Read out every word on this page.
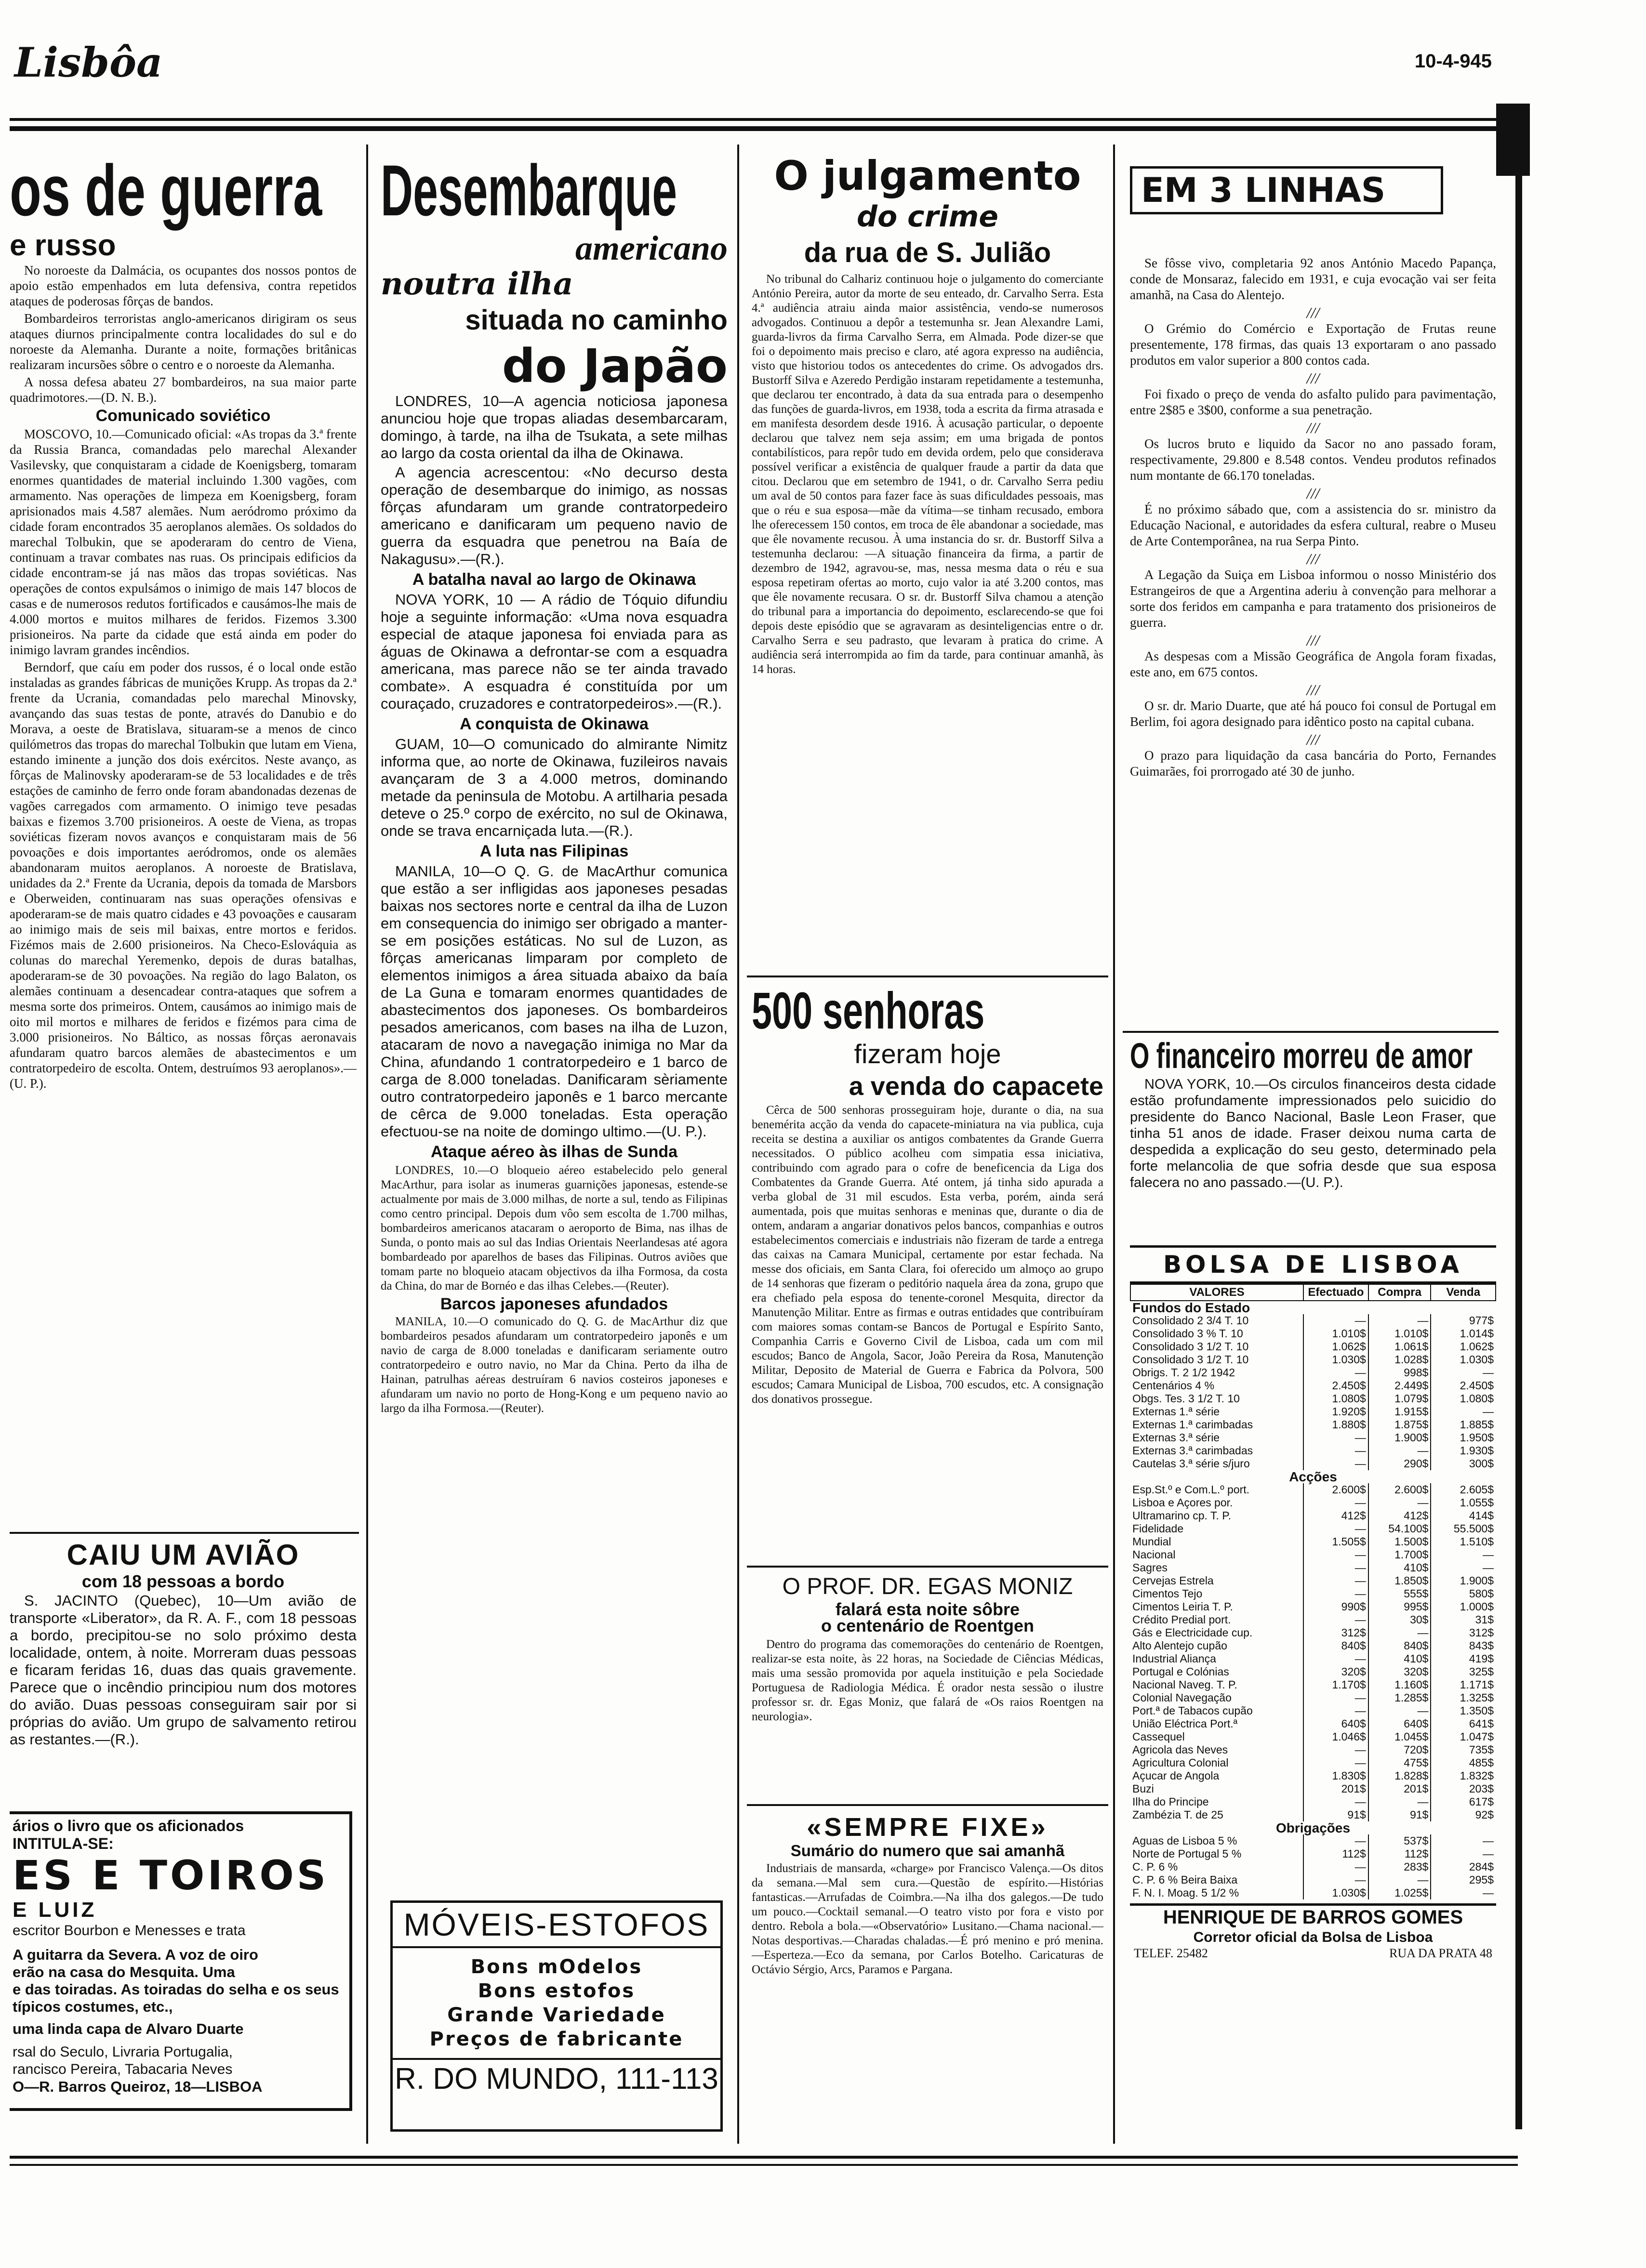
Lisbôa	10-4-945
os de guerra
e russo

No noroeste da Dalmácia, os ocupantes dos nossos pontos de apoio estão empenhados em luta defensiva, contra repetidos ataques de poderosas fôrças de bandos.

Bombardeiros terroristas anglo-americanos dirigiram os seus ataques diurnos principalmente contra localidades do sul e do noroeste da Alemanha. Durante a noite, formações britânicas realizaram incursões sôbre o centro e o noroeste da Alemanha.

A nossa defesa abateu 27 bombardeiros, na sua maior parte quadrimotores.—(D. N. B.).

Comunicado soviético

MOSCOVO, 10.—Comunicado oficial: «As tropas da 3.ª frente da Russia Branca, comandadas pelo marechal Alexander Vasilevsky, que conquistaram a cidade de Koenigsberg, tomaram enormes quantidades de material incluindo 1.300 vagões, com armamento. Nas operações de limpeza em Koenigsberg, foram aprisionados mais 4.587 alemães. Num aeródromo próximo da cidade foram encontrados 35 aeroplanos alemães. Os soldados do marechal Tolbukin, que se apoderaram do centro de Viena, continuam a travar combates nas ruas. Os principais edificios da cidade encontram-se já nas mãos das tropas soviéticas. Nas operações de contos expulsámos o inimigo de mais 147 blocos de casas e de numerosos redutos fortificados e causámos-lhe mais de 4.000 mortos e muitos milhares de feridos. Fizemos 3.300 prisioneiros. Na parte da cidade que está ainda em poder do inimigo lavram grandes incêndios.

Berndorf, que caíu em poder dos russos, é o local onde estão instaladas as grandes fábricas de munições Krupp. As tropas da 2.ª frente da Ucrania, comandadas pelo marechal Minovsky, avançando das suas testas de ponte, através do Danubio e do Morava, a oeste de Bratislava, situaram-se a menos de cinco quilómetros das tropas do marechal Tolbukin que lutam em Viena, estando iminente a junção dos dois exércitos. Neste avanço, as fôrças de Malinovsky apoderaram-se de 53 localidades e de três estações de caminho de ferro onde foram abandonadas dezenas de vagões carregados com armamento. O inimigo teve pesadas baixas e fizemos 3.700 prisioneiros. A oeste de Viena, as tropas soviéticas fizeram novos avanços e conquistaram mais de 56 povoações e dois importantes aeródromos, onde os alemães abandonaram muitos aeroplanos. A noroeste de Bratislava, unidades da 2.ª Frente da Ucrania, depois da tomada de Marsbors e Oberweiden, continuaram nas suas operações ofensivas e apoderaram-se de mais quatro cidades e 43 povoações e causaram ao inimigo mais de seis mil baixas, entre mortos e feridos. Fizémos mais de 2.600 prisioneiros. Na Checo-Eslováquia as colunas do marechal Yeremenko, depois de duras batalhas, apoderaram-se de 30 povoações. Na região do lago Balaton, os alemães continuam a desencadear contra-ataques que sofrem a mesma sorte dos primeiros. Ontem, causámos ao inimigo mais de oito mil mortos e milhares de feridos e fizémos para cima de 3.000 prisioneiros. No Báltico, as nossas fôrças aeronavais afundaram quatro barcos alemães de abastecimentos e um contratorpedeiro de escolta. Ontem, destruímos 93 aeroplanos».—(U. P.).

CAIU UM AVIÃO
com 18 pessoas a bordo

S. JACINTO (Quebec), 10—Um avião de transporte «Liberator», da R. A. F., com 18 pessoas a bordo, precipitou-se no solo próximo desta localidade, ontem, à noite. Morreram duas pessoas e ficaram feridas 16, duas das quais gravemente. Parece que o incêndio principiou num dos motores do avião. Duas pessoas conseguiram sair por si próprias do avião. Um grupo de salvamento retirou as restantes.—(R.).

ários o livro que os aficionados
INTITULA-SE:
ES E TOIROS
E LUIZ
escritor Bourbon e Menesses e trata
A guitarra da Severa. A voz de oiro
erão na casa do Mesquita. Uma
e das toiradas. As toiradas do selha e os seus típicos costumes, etc.,
uma linda capa de Alvaro Duarte
rsal do Seculo, Livraria Portugalia,
rancisco Pereira, Tabacaria Neves
O—R. Barros Queiroz, 18—LISBOA
Desembarque
americano
noutra ilha
situada no caminho
do Japão

LONDRES, 10—A agencia noticiosa japonesa anunciou hoje que tropas aliadas desembarcaram, domingo, à tarde, na ilha de Tsukata, a sete milhas ao largo da costa oriental da ilha de Okinawa.

A agencia acrescentou: «No decurso desta operação de desembarque do inimigo, as nossas fôrças afundaram um grande contratorpedeiro americano e danificaram um pequeno navio de guerra da esquadra que penetrou na Baía de Nakagusu».—(R.).

A batalha naval ao largo de Okinawa

NOVA YORK, 10 — A rádio de Tóquio difundiu hoje a seguinte informação: «Uma nova esquadra especial de ataque japonesa foi enviada para as águas de Okinawa a defrontar-se com a esquadra americana, mas parece não se ter ainda travado combate». A esquadra é constituída por um couraçado, cruzadores e contratorpedeiros».—(R.).

A conquista de Okinawa

GUAM, 10—O comunicado do almirante Nimitz informa que, ao norte de Okinawa, fuzileiros navais avançaram de 3 a 4.000 metros, dominando metade da peninsula de Motobu. A artilharia pesada deteve o 25.º corpo de exército, no sul de Okinawa, onde se trava encarniçada luta.—(R.).

A luta nas Filipinas

MANILA, 10—O Q. G. de MacArthur comunica que estão a ser infligidas aos japoneses pesadas baixas nos sectores norte e central da ilha de Luzon em consequencia do inimigo ser obrigado a manter-se em posições estáticas. No sul de Luzon, as fôrças americanas limparam por completo de elementos inimigos a área situada abaixo da baía de La Guna e tomaram enormes quantidades de abastecimentos dos japoneses. Os bombardeiros pesados americanos, com bases na ilha de Luzon, atacaram de novo a navegação inimiga no Mar da China, afundando 1 contratorpedeiro e 1 barco de carga de 8.000 toneladas. Danificaram sèriamente outro contratorpedeiro japonês e 1 barco mercante de cêrca de 9.000 toneladas. Esta operação efectuou-se na noite de domingo ultimo.—(U. P.).

Ataque aéreo às ilhas de Sunda

LONDRES, 10.—O bloqueio aéreo estabelecido pelo general MacArthur, para isolar as inumeras guarnições japonesas, estende-se actualmente por mais de 3.000 milhas, de norte a sul, tendo as Filipinas como centro principal. Depois dum vôo sem escolta de 1.700 milhas, bombardeiros americanos atacaram o aeroporto de Bima, nas ilhas de Sunda, o ponto mais ao sul das Indias Orientais Neerlandesas até agora bombardeado por aparelhos de bases das Filipinas. Outros aviões que tomam parte no bloqueio atacam objectivos da ilha Formosa, da costa da China, do mar de Bornéo e das ilhas Celebes.—(Reuter).

Barcos japoneses afundados

MANILA, 10.—O comunicado do Q. G. de MacArthur diz que bombardeiros pesados afundaram um contratorpedeiro japonês e um navio de carga de 8.000 toneladas e danificaram seriamente outro contratorpedeiro e outro navio, no Mar da China. Perto da ilha de Hainan, patrulhas aéreas destruíram 6 navios costeiros japoneses e afundaram um navio no porto de Hong-Kong e um pequeno navio ao largo da ilha Formosa.—(Reuter).

MÓVEIS-ESTOFOS
Bons mOdelos
Bons estofos
Grande Variedade
Preços de fabricante
R. DO MUNDO, 111-113
O julgamento
do crime
da rua de S. Julião

No tribunal do Calhariz continuou hoje o julgamento do comerciante António Pereira, autor da morte de seu enteado, dr. Carvalho Serra. Esta 4.ª audiência atraiu ainda maior assistência, vendo-se numerosos advogados. Continuou a depôr a testemunha sr. Jean Alexandre Lami, guarda-livros da firma Carvalho Serra, em Almada. Pode dizer-se que foi o depoimento mais preciso e claro, até agora expresso na audiência, visto que historiou todos os antecedentes do crime. Os advogados drs. Bustorff Silva e Azeredo Perdigão instaram repetidamente a testemunha, que declarou ter encontrado, à data da sua entrada para o desempenho das funções de guarda-livros, em 1938, toda a escrita da firma atrasada e em manifesta desordem desde 1916. À acusação particular, o depoente declarou que talvez nem seja assim; em uma brigada de pontos contabilísticos, para repôr tudo em devida ordem, pelo que considerava possível verificar a existência de qualquer fraude a partir da data que citou. Declarou que em setembro de 1941, o dr. Carvalho Serra pediu um aval de 50 contos para fazer face às suas dificuldades pessoais, mas que o réu e sua esposa—mãe da vítima—se tinham recusado, embora lhe oferecessem 150 contos, em troca de êle abandonar a sociedade, mas que êle novamente recusou. À uma instancia do sr. dr. Bustorff Silva a testemunha declarou: —A situação financeira da firma, a partir de dezembro de 1942, agravou-se, mas, nessa mesma data o réu e sua esposa repetiram ofertas ao morto, cujo valor ia até 3.200 contos, mas que êle novamente recusara. O sr. dr. Bustorff Silva chamou a atenção do tribunal para a importancia do depoimento, esclarecendo-se que foi depois deste episódio que se agravaram as desinteligencias entre o dr. Carvalho Serra e seu padrasto, que levaram à pratica do crime. A audiência será interrompida ao fim da tarde, para continuar amanhã, às 14 horas.

500 senhoras
fizeram hoje
a venda do capacete

Cêrca de 500 senhoras prosseguiram hoje, durante o dia, na sua benemérita acção da venda do capacete-miniatura na via publica, cuja receita se destina a auxiliar os antigos combatentes da Grande Guerra necessitados. O público acolheu com simpatia essa iniciativa, contribuindo com agrado para o cofre de beneficencia da Liga dos Combatentes da Grande Guerra. Até ontem, já tinha sido apurada a verba global de 31 mil escudos. Esta verba, porém, ainda será aumentada, pois que muitas senhoras e meninas que, durante o dia de ontem, andaram a angariar donativos pelos bancos, companhias e outros estabelecimentos comerciais e industriais não fizeram de tarde a entrega das caixas na Camara Municipal, certamente por estar fechada. Na messe dos oficiais, em Santa Clara, foi oferecido um almoço ao grupo de 14 senhoras que fizeram o peditório naquela área da zona, grupo que era chefiado pela esposa do tenente-coronel Mesquita, director da Manutenção Militar. Entre as firmas e outras entidades que contribuíram com maiores somas contam-se Bancos de Portugal e Espírito Santo, Companhia Carris e Governo Civil de Lisboa, cada um com mil escudos; Banco de Angola, Sacor, João Pereira da Rosa, Manutenção Militar, Deposito de Material de Guerra e Fabrica da Polvora, 500 escudos; Camara Municipal de Lisboa, 700 escudos, etc. A consignação dos donativos prossegue.

O PROF. DR. EGAS MONIZ
falará esta noite sôbre
o centenário de Roentgen

Dentro do programa das comemorações do centenário de Roentgen, realizar-se esta noite, às 22 horas, na Sociedade de Ciências Médicas, mais uma sessão promovida por aquela instituição e pela Sociedade Portuguesa de Radiologia Médica. É orador nesta sessão o ilustre professor sr. dr. Egas Moniz, que falará de «Os raios Roentgen na neurologia».

«SEMPRE FIXE»
Sumário do numero que sai amanhã

Industriais de mansarda, «charge» por Francisco Valença.—Os ditos da semana.—Mal sem cura.—Questão de espírito.—Histórias fantasticas.—Arrufadas de Coimbra.—Na ilha dos galegos.—De tudo um pouco.—Cocktail semanal.—O teatro visto por fora e visto por dentro. Rebola a bola.—«Observatório» Lusitano.—Chama nacional.—Notas desportivas.—Charadas chaladas.—É pró menino e pró menina.—Esperteza.—Eco da semana, por Carlos Botelho. Caricaturas de Octávio Sérgio, Arcs, Paramos e Pargana.

EM 3 LINHAS

Se fôsse vivo, completaria 92 anos António Macedo Papança, conde de Monsaraz, falecido em 1931, e cuja evocação vai ser feita amanhã, na Casa do Alentejo.

///

O Grémio do Comércio e Exportação de Frutas reune presentemente, 178 firmas, das quais 13 exportaram o ano passado produtos em valor superior a 800 contos cada.

///

Foi fixado o preço de venda do asfalto pulido para pavimentação, entre 2$85 e 3$00, conforme a sua penetração.

///

Os lucros bruto e liquido da Sacor no ano passado foram, respectivamente, 29.800 e 8.548 contos. Vendeu produtos refinados num montante de 66.170 toneladas.

///

É no próximo sábado que, com a assistencia do sr. ministro da Educação Nacional, e autoridades da esfera cultural, reabre o Museu de Arte Contemporânea, na rua Serpa Pinto.

///

A Legação da Suiça em Lisboa informou o nosso Ministério dos Estrangeiros de que a Argentina aderiu à convenção para melhorar a sorte dos feridos em campanha e para tratamento dos prisioneiros de guerra.

///

As despesas com a Missão Geográfica de Angola foram fixadas, este ano, em 675 contos.

///

O sr. dr. Mario Duarte, que até há pouco foi consul de Portugal em Berlim, foi agora designado para idêntico posto na capital cubana.

///

O prazo para liquidação da casa bancária do Porto, Fernandes Guimarães, foi prorrogado até 30 de junho.

O financeiro morreu de amor

NOVA YORK, 10.—Os circulos financeiros desta cidade estão profundamente impressionados pelo suicidio do presidente do Banco Nacional, Basle Leon Fraser, que tinha 51 anos de idade. Fraser deixou numa carta de despedida a explicação do seu gesto, determinado pela forte melancolia de que sofria desde que sua esposa falecera no ano passado.—(U. P.).

BOLSA DE LISBOA
VALORES	Efectuado	Compra	Venda
Fundos do Estado			
Consolidado 2 3/4 T. 10	—	—	977$
Consolidado 3 % T. 10	1.010$	1.010$	1.014$
Consolidado 3 1/2 T. 10	1.062$	1.061$	1.062$
Consolidado 3 1/2 T. 10	1.030$	1.028$	1.030$
Obrigs. T. 2 1/2 1942	—	998$	—
Centenários 4 %	2.450$	2.449$	2.450$
Obgs. Tes. 3 1/2 T. 10	1.080$	1.079$	1.080$
Externas 1.ª série	1.920$	1.915$	—
Externas 1.ª carimbadas	1.880$	1.875$	1.885$
Externas 3.ª série	—	1.900$	1.950$
Externas 3.ª carimbadas	—	—	1.930$
Cautelas 3.ª série s/juro	—	290$	300$
Acções			
Esp.St.º e Com.L.º port.	2.600$	2.600$	2.605$
Lisboa e Açores por.	—	—	1.055$
Ultramarino cp. T. P.	412$	412$	414$
Fidelidade	—	54.100$	55.500$
Mundial	1.505$	1.500$	1.510$
Nacional	—	1.700$	—
Sagres	—	410$	—
Cervejas Estrela	—	1.850$	1.900$
Cimentos Tejo	—	555$	580$
Cimentos Leiria T. P.	990$	995$	1.000$
Crédito Predial port.	—	30$	31$
Gás e Electricidade cup.	312$	—	312$
Alto Alentejo cupão	840$	840$	843$
Industrial Aliança	—	410$	419$
Portugal e Colónias	320$	320$	325$
Nacional Naveg. T. P.	1.170$	1.160$	1.171$
Colonial Navegação	—	1.285$	1.325$
Port.ª de Tabacos cupão	—	—	1.350$
União Eléctrica Port.ª	640$	640$	641$
Cassequel	1.046$	1.045$	1.047$
Agricola das Neves	—	720$	735$
Agricultura Colonial	—	475$	485$
Açucar de Angola	1.830$	1.828$	1.832$
Buzi	201$	201$	203$
Ilha do Principe	—	—	617$
Zambézia T. de 25	91$	91$	92$
Obrigações			
Aguas de Lisboa 5 %	—	537$	—
Norte de Portugal 5 %	112$	112$	—
C. P. 6 %	—	283$	284$
C. P. 6 % Beira Baixa	—	—	295$
F. N. I. Moag. 5 1/2 %	1.030$	1.025$	—
HENRIQUE DE BARROS GOMES
Corretor oficial da Bolsa de Lisboa
TELEF. 25482	RUA DA PRATA 48
